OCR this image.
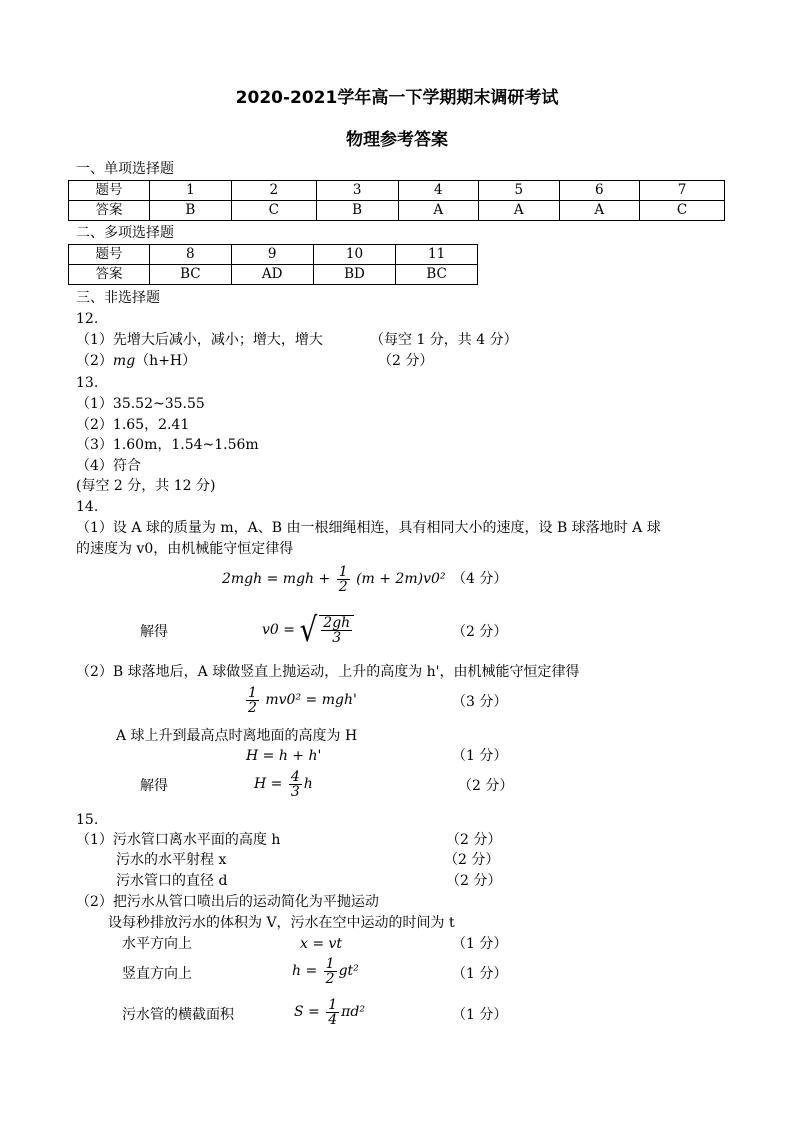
2020-2021学年高一下学期期末调研考试
物理参考答案
一、单项选择题
题号	1	2	3	4	5	6	7
答案	B	C	B	A	A	A	C
二、多项选择题
题号	8	9	10	11
答案	BC	AD	BD	BC
三、非选择题
12.
（1）先增大后减小，减小；增大，增大	（每空 1 分，共 4 分）
（2）mg（h+H）	（2 分）
13.
（1）35.52~35.55
（2）1.65，2.41
（3）1.60m，1.54~1.56m
（4）符合
(每空 2 分，共 12 分)
14.
（1）设 A 球的质量为 m，A、B 由一根细绳相连，具有相同大小的速度，设 B 球落地时 A 球
的速度为 v0，由机械能守恒定律得
2mgh = mgh + $\frac{1}{2} (m + 2m)v0^2$ （4 分）
解得	v0 = √ $\frac{2gh}{3}$	（2 分）
（2）B 球落地后，A 球做竖直上抛运动，上升的高度为 h'，由机械能守恒定律得
$\frac{1}{2} mv0^2 = mgh'$	（3 分）
A 球上升到最高点时离地面的高度为 H
H = h + h'	（1 分）
解得	$H = \frac{4}{3}$ h	（2 分）
15.
（1）污水管口离水平面的高度 h	（2 分）
污水的水平射程 x	（2 分）
污水管口的直径 d	（2 分）
（2）把污水从管口喷出后的运动简化为平抛运动
设每秒排放污水的体积为 V，污水在空中运动的时间为 t
水平方向上	x = vt	（1 分）
竖直方向上	$h = \frac{1}{2} gt^2$	（1 分）
污水管的横截面积	$S = \frac{1}{4} \pi d^2$	（1 分）
